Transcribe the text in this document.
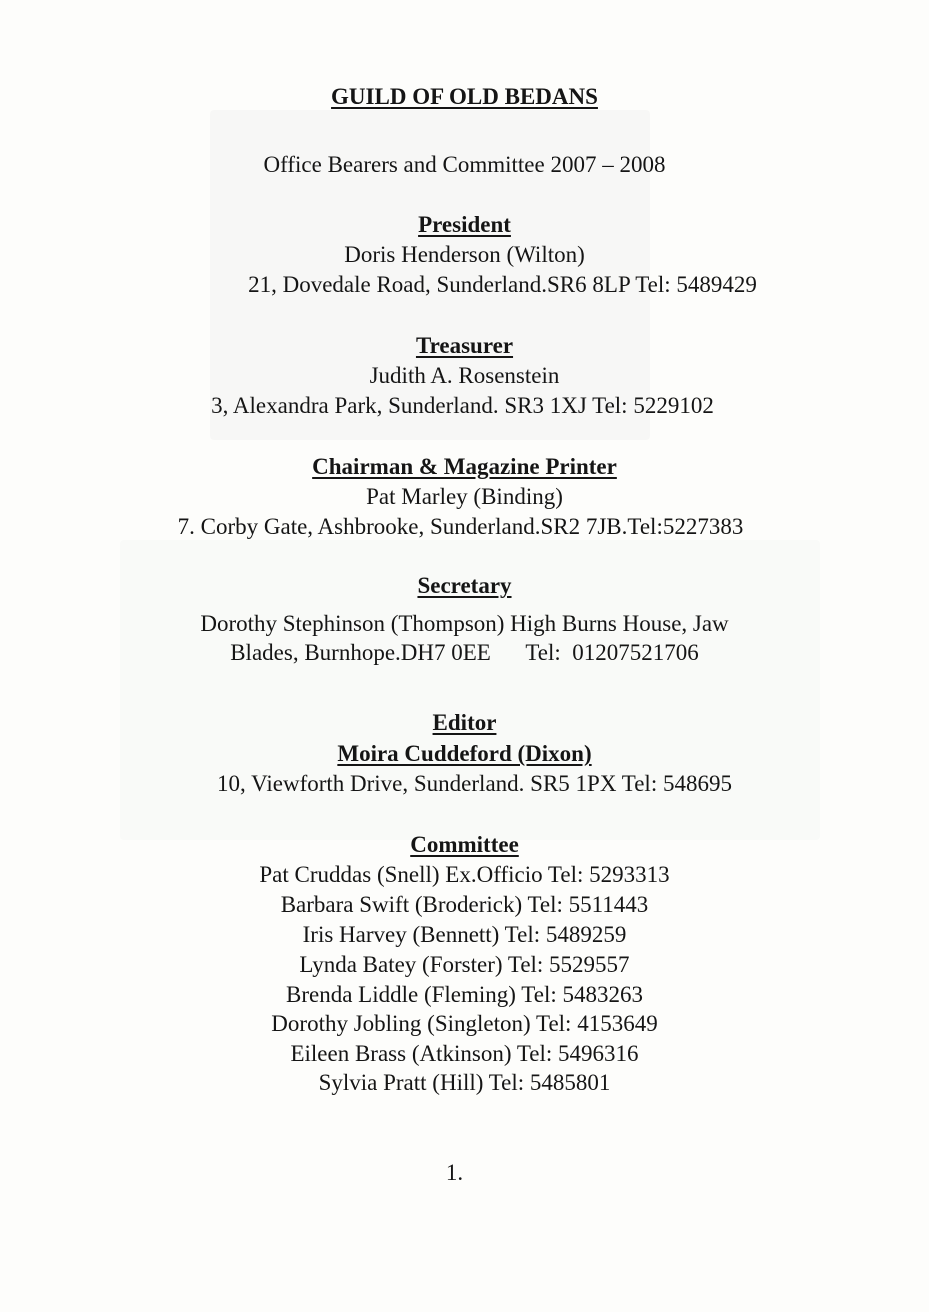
GUILD OF OLD BEDANS
Office Bearers and Committee 2007 – 2008
President
Doris Henderson (Wilton)
21, Dovedale Road, Sunderland.SR6 8LP Tel: 5489429
Treasurer
Judith A. Rosenstein
3, Alexandra Park, Sunderland. SR3 1XJ Tel: 5229102
Chairman & Magazine Printer
Pat Marley (Binding)
7. Corby Gate, Ashbrooke, Sunderland.SR2 7JB.Tel:5227383
Secretary
Dorothy Stephinson (Thompson) High Burns House, Jaw
Blades, Burnhope.DH7 0EE      Tel:  01207521706
Editor
Moira Cuddeford (Dixon)
10, Viewforth Drive, Sunderland. SR5 1PX Tel: 548695
Committee
Pat Cruddas (Snell) Ex.Officio Tel: 5293313
Barbara Swift (Broderick) Tel: 5511443
Iris Harvey (Bennett) Tel: 5489259
Lynda Batey (Forster) Tel: 5529557
Brenda Liddle (Fleming) Tel: 5483263
Dorothy Jobling (Singleton) Tel: 4153649
Eileen Brass (Atkinson) Tel: 5496316
Sylvia Pratt (Hill) Tel: 5485801
1.
